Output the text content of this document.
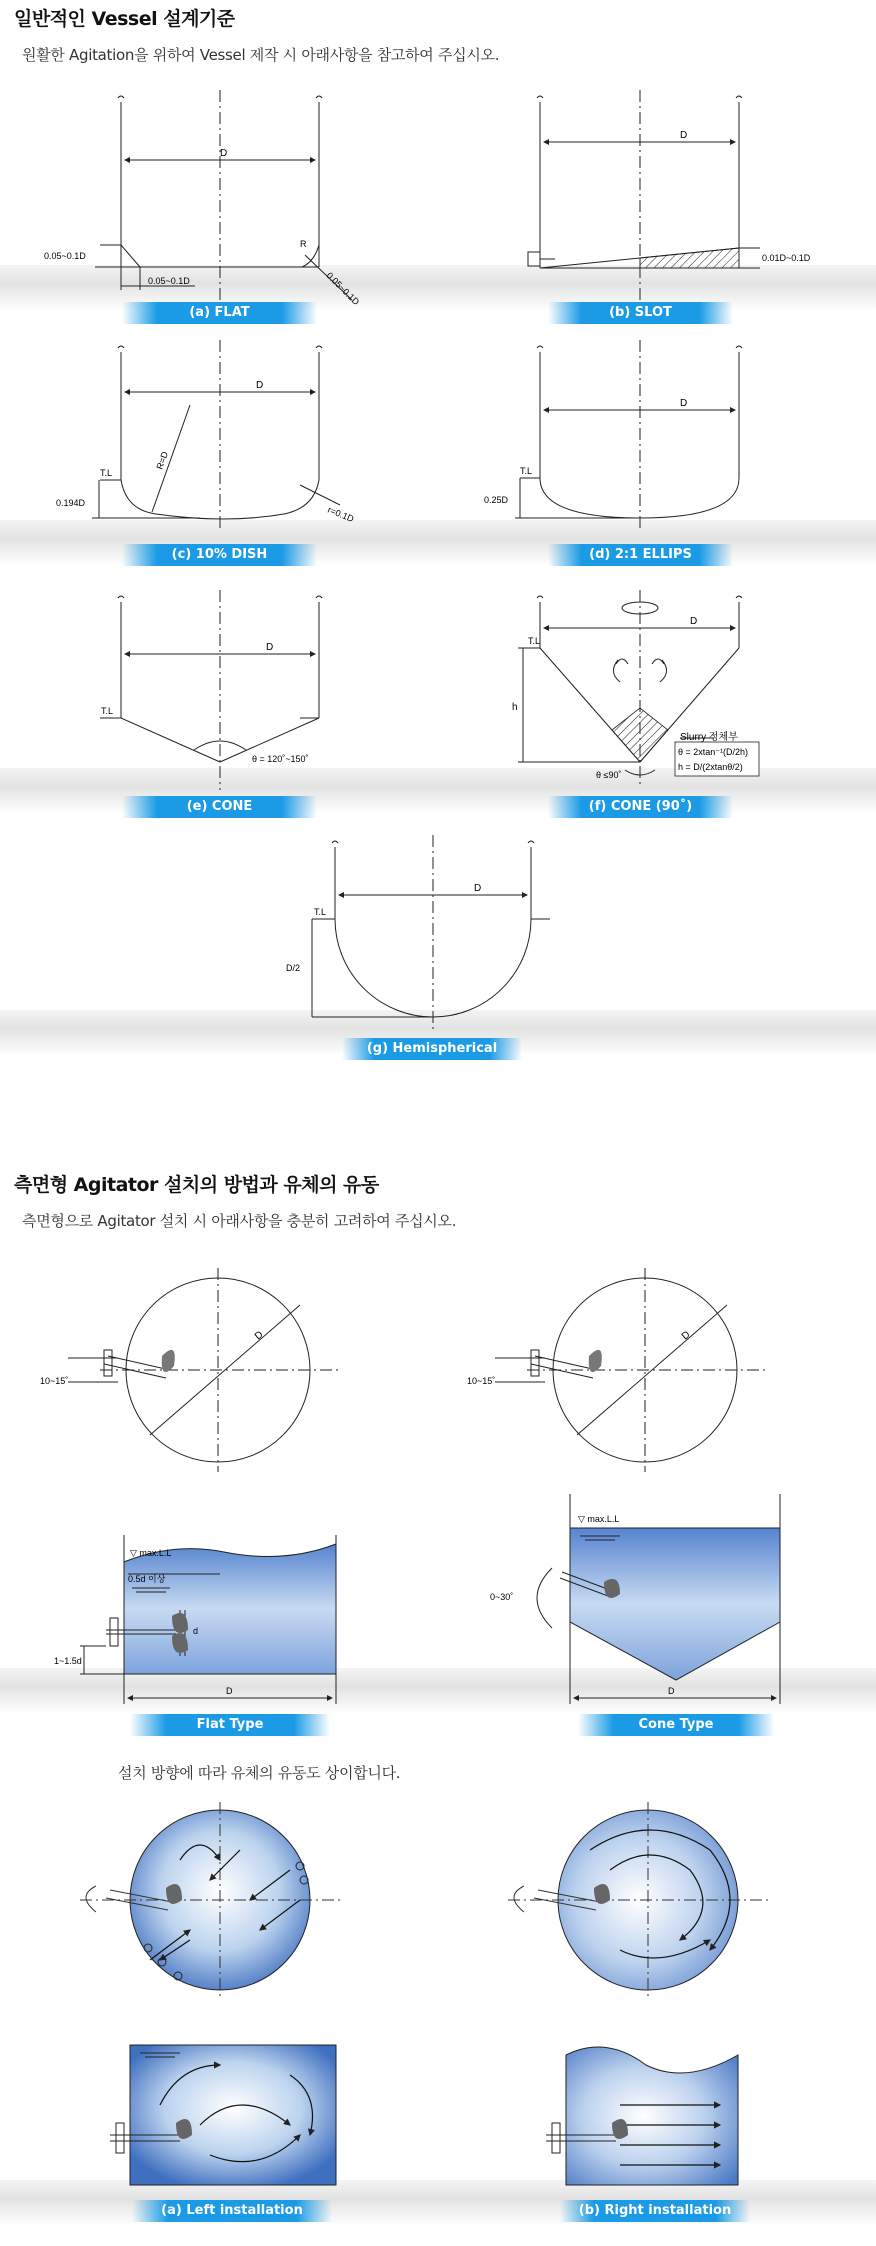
일반적인 Vessel 설계기준
원활한 Agitation을 위하여 Vessel 제작 시 아래사항을 참고하여 주십시오.
D
0.05~0.1D
0.05~0.1D
R
0.05~0.1D
(a) FLAT
D
0.01D~0.1D
(b) SLOT
D
T.L
0.194D
R=D
r=0.1D
(c) 10% DISH
D
T.L
0.25D
(d) 2:1 ELLIPS
D
T.L
θ = 120˚~150˚
(e) CONE
T.L
h
D
Slurry 정체부
θ = 2xtan⁻¹(D/2h)
h = D/(2xtanθ/2)
θ ≤90˚
(f) CONE (90˚)
D
T.L
D/2
(g) Hemispherical
측면형 Agitator 설치의 방법과 유체의 유동
측면형으로 Agitator 설치 시 아래사항을 충분히 고려하여 주십시오.
10~15˚	10~15˚
D	D
▽ max.L.L
0.5d 이상
d
1~1.5d
D
▽ max.L.L
0~30˚
D
Flat Type	Cone Type
설치 방향에 따라 유체의 유동도 상이합니다.
(a) Left installation	(b) Right installation
